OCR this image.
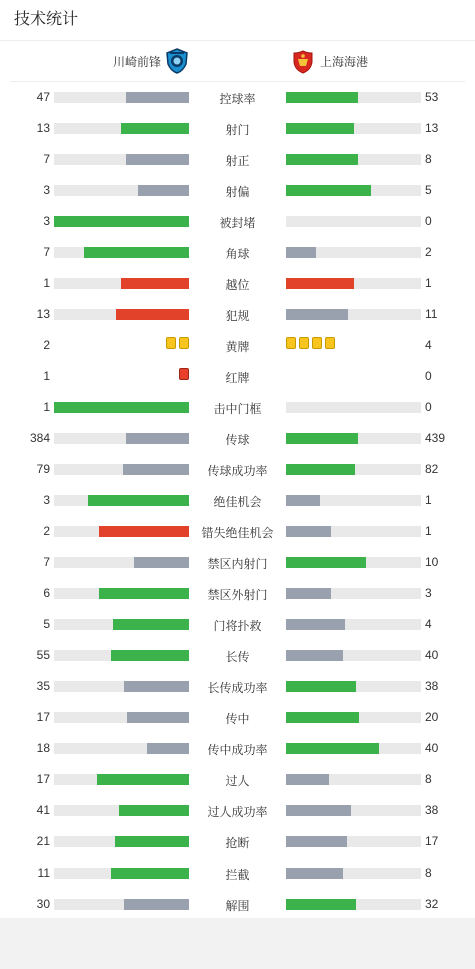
技术统计
川崎前锋	上海海港
47	控球率	53
13	射门	13
7	射正	8
3	射偏	5
3	被封堵	0
7	角球	2
1	越位	1
13	犯规	11
2	黄牌	4
1	红牌	0
1	击中门框	0
384	传球	439
79	传球成功率	82
3	绝佳机会	1
2	错失绝佳机会	1
7	禁区内射门	10
6	禁区外射门	3
5	门将扑救	4
55	长传	40
35	长传成功率	38
17	传中	20
18	传中成功率	40
17	过人	8
41	过人成功率	38
21	抢断	17
11	拦截	8
30	解围	32
